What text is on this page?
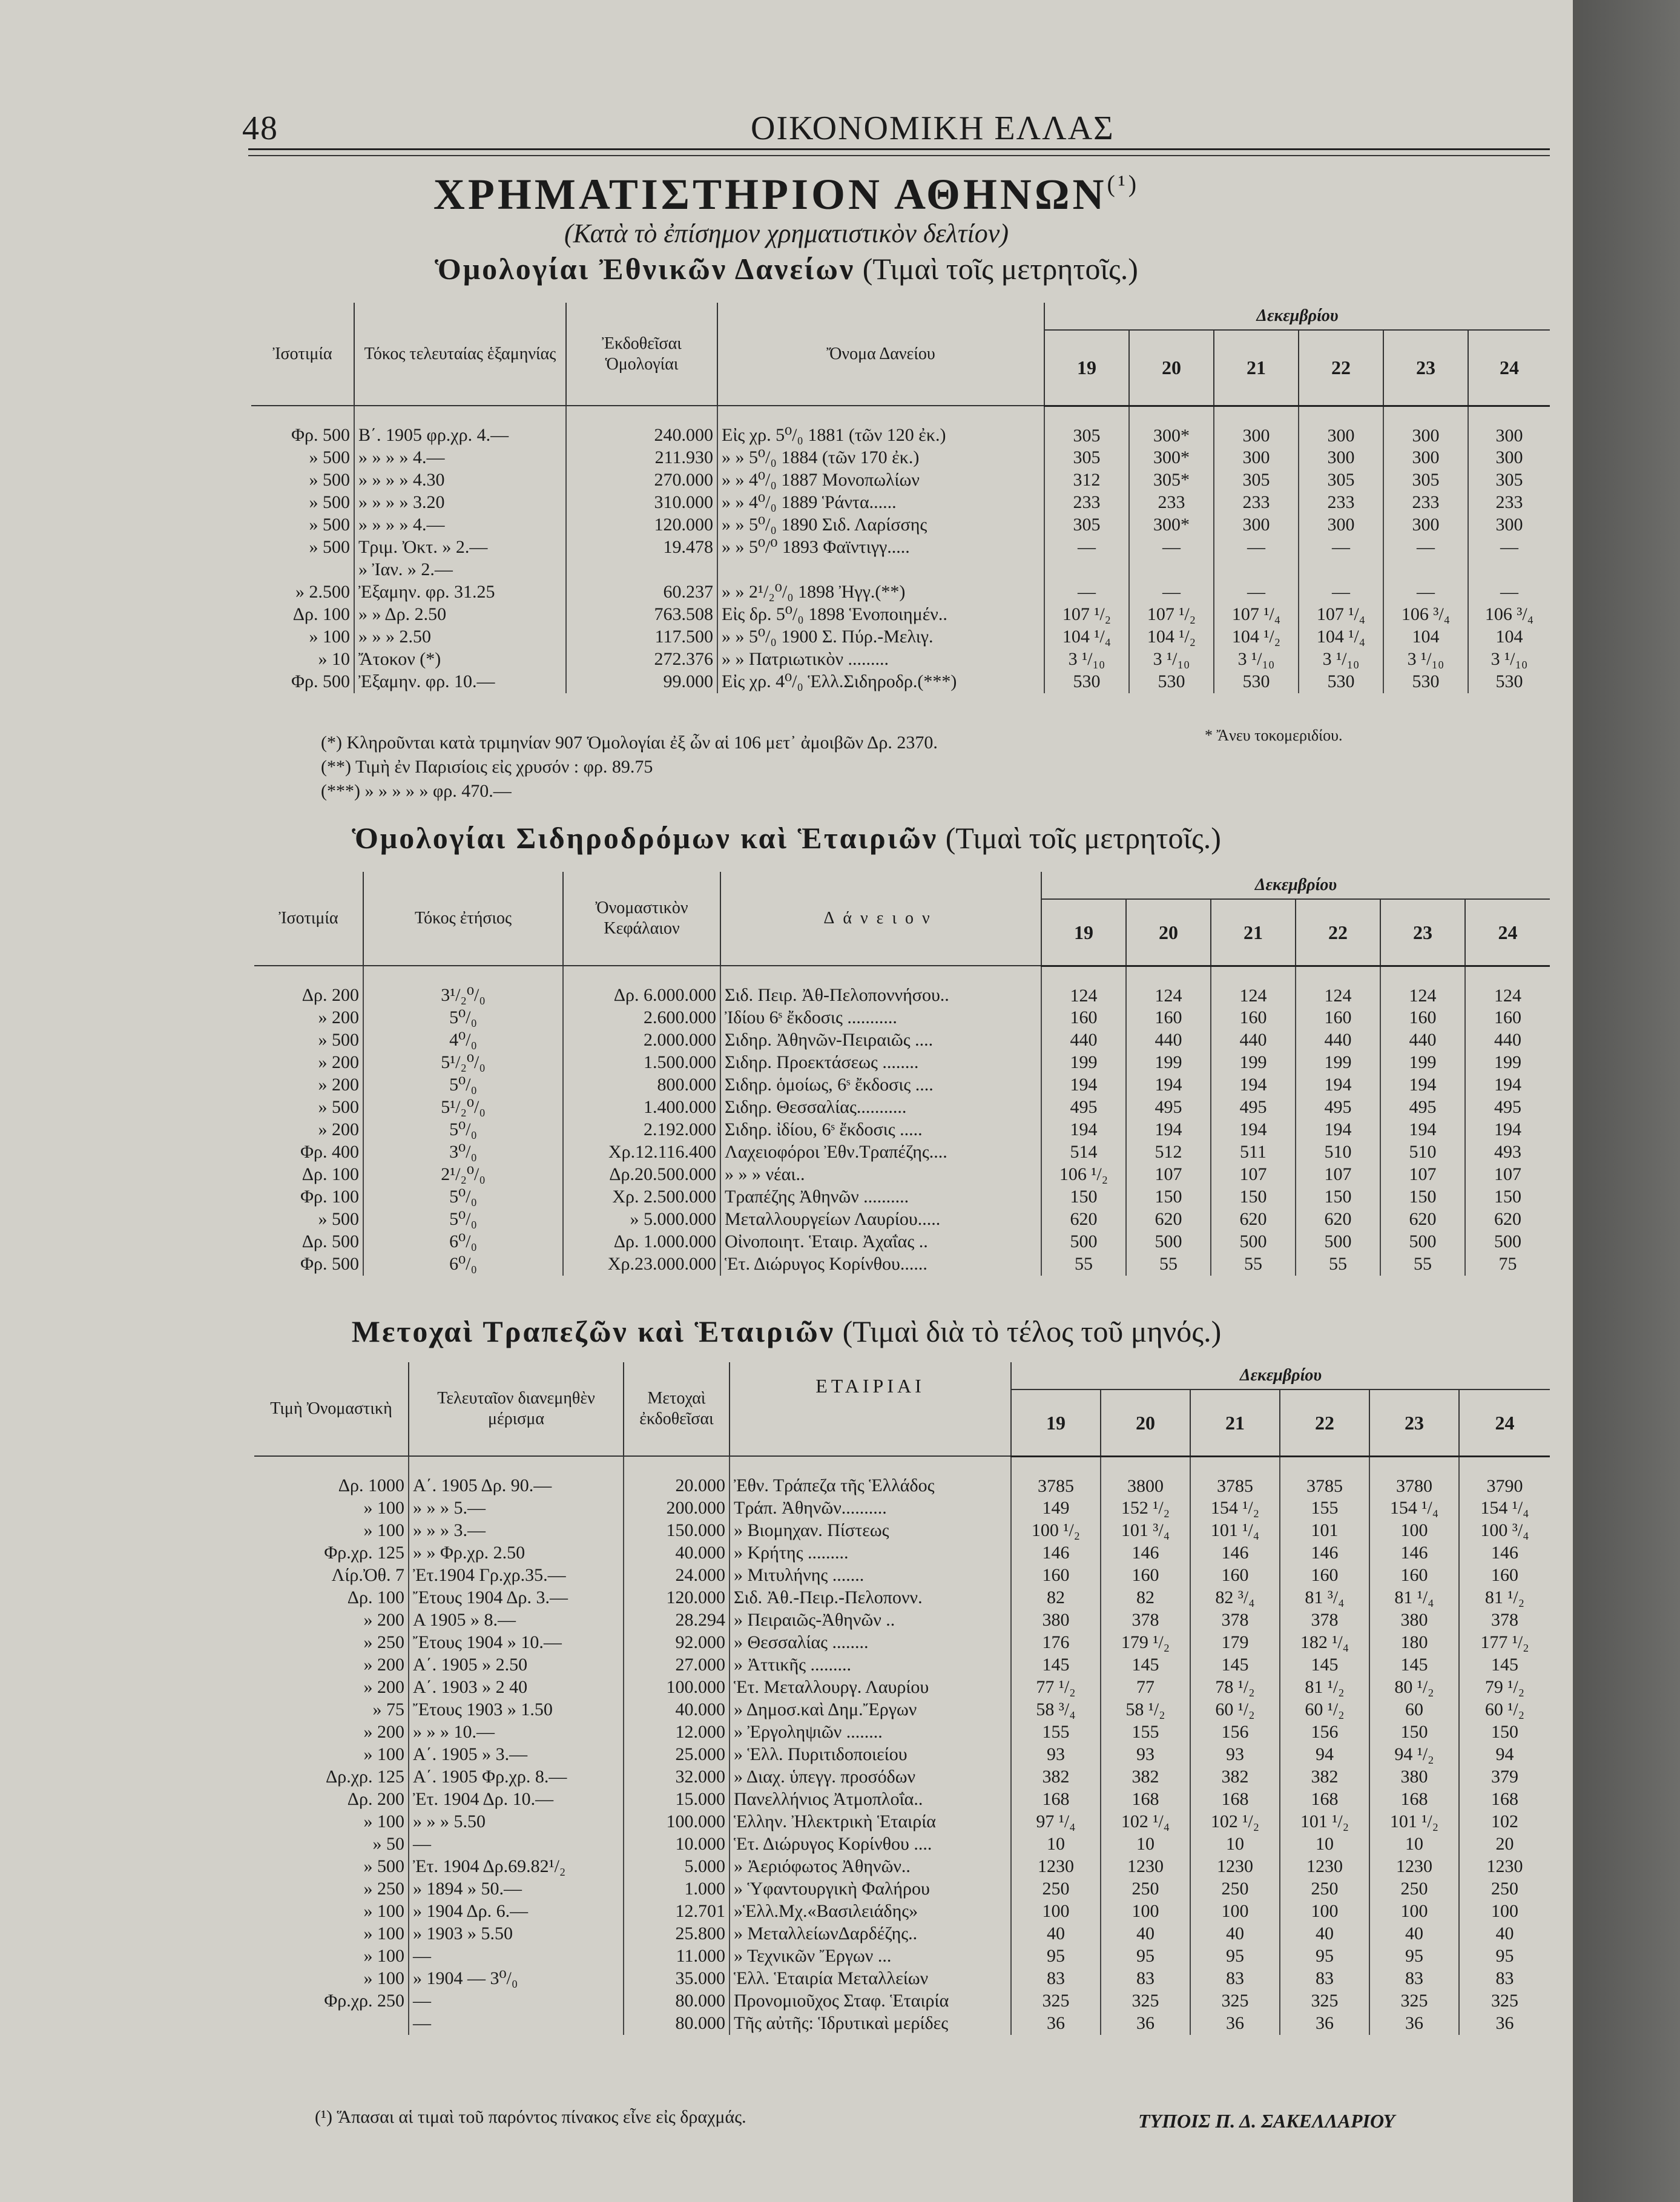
48	ΟΙΚΟΝΟΜΙΚΗ ΕΛΛΑΣ
ΧΡΗΜΑΤΙΣΤΗΡΙΟΝ $A\Theta HN\Omega N^{(^1)}$
(Κατὰ τὸ ἐπίσημον χρηματιστικὸν δελτίον)
Ὁμολογίαι Ἐθνικῶν Δανείων (Τιμαὶ τοῖς μετρητοῖς.)
Ἰσοτιμία	Τόκος τελευταίας ἑξαμηνίας	Ἐκδοθεῖσαι Ὁμολογίαι	Ὄνομα Δανείου	Δεκεμβρίου					
				19	20	21	22	23	24
Φρ. 500	Β΄. 1905 φρ.χρ. 4.—	240.000	Εἰς χρ. 5⁰/₀ 1881 (τῶν 120 ἐκ.)	305	300*	300	300	300	300
» 500	» » » » 4.—	211.930	» » 5⁰/₀ 1884 (τῶν 170 ἐκ.)	305	300*	300	300	300	300
» 500	» » » » 4.30	270.000	» » 4⁰/₀ 1887 Μονοπωλίων	312	305*	305	305	305	305
» 500	» » » » 3.20	310.000	» » 4⁰/₀ 1889 Ῥάντα......	233	233	233	233	233	233
» 500	» » » » 4.—	120.000	» » 5⁰/₀ 1890 Σιδ. Λαρίσσης	305	300*	300	300	300	300
» 500	Τριμ. Ὀκτ. » 2.—	19.478	» » 5⁰/⁰ 1893 Φαϊντιγγ.....	—	—	—	—	—	—
	» Ἰαν. » 2.—								
» 2.500	Ἐξαμην. φρ. 31.25	60.237	» » 2¹/₂⁰/₀ 1898 Ἠγγ.(**)	—	—	—	—	—	—
Δρ. 100	» » Δρ. 2.50	763.508	Εἰς δρ. 5⁰/₀ 1898 Ἑνοποιημέν..	107 ¹/₂	107 ¹/₂	107 ¹/₄	107 ¹/₄	106 ³/₄	106 ³/₄
» 100	» » » 2.50	117.500	» » 5⁰/₀ 1900 Σ. Πύρ.-Μελιγ.	104 ¹/₄	104 ¹/₂	104 ¹/₂	104 ¹/₄	104	104
» 10	Ἄτοκον (*)	272.376	» » Πατριωτικὸν .........	3 ¹/₁₀	3 ¹/₁₀	3 ¹/₁₀	3 ¹/₁₀	3 ¹/₁₀	3 ¹/₁₀
Φρ. 500	Ἐξαμην. φρ. 10.—	99.000	Εἰς χρ. 4⁰/₀ Ἑλλ.Σιδηροδρ.(***)	530	530	530	530	530	530
(*) Κληροῦνται κατὰ τριμηνίαν 907 Ὁμολογίαι ἐξ ὧν αἱ 106 μετ᾽ ἀμοιβῶν Δρ. 2370.	* Ἄνευ τοκομεριδίου.
(**) Τιμὴ ἐν Παρισίοις εἰς χρυσόν : φρ. 89.75
(***) » » » » » φρ. 470.—
Ὁμολογίαι Σιδηροδρόμων καὶ Ἑταιριῶν (Τιμαὶ τοῖς μετρητοῖς.)
Ἰσοτιμία	Τόκος ἐτήσιος	Ὀνομαστικὸν Κεφάλαιον	Δάνειον	Δεκεμβρίου					
				19	20	21	22	23	24
Δρ. 200	3¹/₂⁰/₀	Δρ. 6.000.000	Σιδ. Πειρ. Ἀθ-Πελοποννήσου..	124	124	124	124	124	124
» 200	5⁰/₀	2.600.000	Ἰδίου 6ˢ ἔκδοσις ...........	160	160	160	160	160	160
» 500	4⁰/₀	2.000.000	Σιδηρ. Ἀθηνῶν-Πειραιῶς ....	440	440	440	440	440	440
» 200	5¹/₂⁰/₀	1.500.000	Σιδηρ. Προεκτάσεως ........	199	199	199	199	199	199
» 200	5⁰/₀	800.000	Σιδηρ. ὁμοίως, 6ˢ ἔκδοσις ....	194	194	194	194	194	194
» 500	5¹/₂⁰/₀	1.400.000	Σιδηρ. Θεσσαλίας...........	495	495	495	495	495	495
» 200	5⁰/₀	2.192.000	Σιδηρ. ἰδίου, 6ˢ ἔκδοσις .....	194	194	194	194	194	194
Φρ. 400	3⁰/₀	Χρ.12.116.400	Λαχειοφόροι Ἐθν.Τραπέζης....	514	512	511	510	510	493
Δρ. 100	2¹/₂⁰/₀	Δρ.20.500.000	» » » νέαι..	106 ¹/₂	107	107	107	107	107
Φρ. 100	5⁰/₀	Χρ. 2.500.000	Τραπέζης Ἀθηνῶν ..........	150	150	150	150	150	150
» 500	5⁰/₀	» 5.000.000	Μεταλλουργείων Λαυρίου.....	620	620	620	620	620	620
Δρ. 500	6⁰/₀	Δρ. 1.000.000	Οἰνοποιητ. Ἑταιρ. Ἀχαΐας ..	500	500	500	500	500	500
Φρ. 500	6⁰/₀	Χρ.23.000.000	Ἑτ. Διώρυγος Κορίνθου......	55	55	55	55	55	75
Μετοχαὶ Τραπεζῶν καὶ Ἑταιριῶν (Τιμαὶ διὰ τὸ τέλος τοῦ μηνός.)
Τιμὴ Ὀνομαστικὴ	Τελευταῖον διανεμηθὲν μέρισμα	Μετοχαὶ ἐκδοθεῖσαι	ΕΤΑΙΡΙΑΙ	Δεκεμβρίου					
				19	20	21	22	23	24
Δρ. 1000	Α΄. 1905 Δρ. 90.—	20.000	Ἐθν. Τράπεζα τῆς Ἑλλάδος	3785	3800	3785	3785	3780	3790
» 100	» » » 5.—	200.000	Τράπ. Ἀθηνῶν..........	149	152 ¹/₂	154 ¹/₂	155	154 ¹/₄	154 ¹/₄
» 100	» » » 3.—	150.000	» Βιομηχαν. Πίστεως	100 ¹/₂	101 ³/₄	101 ¹/₄	101	100	100 ³/₄
Φρ.χρ. 125	» » Φρ.χρ. 2.50	40.000	» Κρήτης .........	146	146	146	146	146	146
Λίρ.Ὀθ. 7	Ἐτ.1904 Γρ.χρ.35.—	24.000	» Μιτυλήνης .......	160	160	160	160	160	160
Δρ. 100	Ἔτους 1904 Δρ. 3.—	120.000	Σιδ. Ἀθ.-Πειρ.-Πελοπονν.	82	82	82 ³/₄	81 ³/₄	81 ¹/₄	81 ¹/₂
» 200	Α 1905 » 8.—	28.294	» Πειραιῶς-Ἀθηνῶν ..	380	378	378	378	380	378
» 250	Ἔτους 1904 » 10.—	92.000	» Θεσσαλίας ........	176	179 ¹/₂	179	182 ¹/₄	180	177 ¹/₂
» 200	Α΄. 1905 » 2.50	27.000	» Ἀττικῆς .........	145	145	145	145	145	145
» 200	Α΄. 1903 » 2 40	100.000	Ἑτ. Μεταλλουργ. Λαυρίου	77 ¹/₂	77	78 ¹/₂	81 ¹/₂	80 ¹/₂	79 ¹/₂
» 75	Ἔτους 1903 » 1.50	40.000	» Δημοσ.καὶ Δημ.Ἔργων	58 ³/₄	58 ¹/₂	60 ¹/₂	60 ¹/₂	60	60 ¹/₂
» 200	» » » 10.—	12.000	» Ἐργοληψιῶν ........	155	155	156	156	150	150
» 100	Α΄. 1905 » 3.—	25.000	» Ἑλλ. Πυριτιδοποιείου	93	93	93	94	94 ¹/₂	94
Δρ.χρ. 125	Α΄. 1905 Φρ.χρ. 8.—	32.000	» Διαχ. ὑπεγγ. προσόδων	382	382	382	382	380	379
Δρ. 200	Ἐτ. 1904 Δρ. 10.—	15.000	Πανελλήνιος Ἀτμοπλοΐα..	168	168	168	168	168	168
» 100	» » » 5.50	100.000	Ἑλλην. Ἠλεκτρικὴ Ἑταιρία	97 ¹/₄	102 ¹/₄	102 ¹/₂	101 ¹/₂	101 ¹/₂	102
» 50	—	10.000	Ἑτ. Διώρυγος Κορίνθου ....	10	10	10	10	10	20
» 500	Ἐτ. 1904 Δρ.69.82¹/₂	5.000	» Ἀεριόφωτος Ἀθηνῶν..	1230	1230	1230	1230	1230	1230
» 250	» 1894 » 50.—	1.000	» Ὑφαντουργικὴ Φαλήρου	250	250	250	250	250	250
» 100	» 1904 Δρ. 6.—	12.701	»Ἑλλ.Μχ.«Βασιλειάδης»	100	100	100	100	100	100
» 100	» 1903 » 5.50	25.800	» ΜεταλλείωνΔαρδέζης..	40	40	40	40	40	40
» 100	—	11.000	» Τεχνικῶν Ἔργων ...	95	95	95	95	95	95
» 100	» 1904 — 3⁰/₀	35.000	Ἑλλ. Ἑταιρία Μεταλλείων	83	83	83	83	83	83
Φρ.χρ. 250	—	80.000	Προνομιοῦχος Σταφ. Ἑταιρία	325	325	325	325	325	325
	—	80.000	Τῆς αὐτῆς: Ἱδρυτικαὶ μερίδες	36	36	36	36	36	36
(¹) Ἅπασαι αἱ τιμαὶ τοῦ παρόντος πίνακος εἶνε εἰς δραχμάς.	ΤΥΠΟΙΣ Π. Δ. ΣΑΚΕΛΛΑΡΙΟΥ
